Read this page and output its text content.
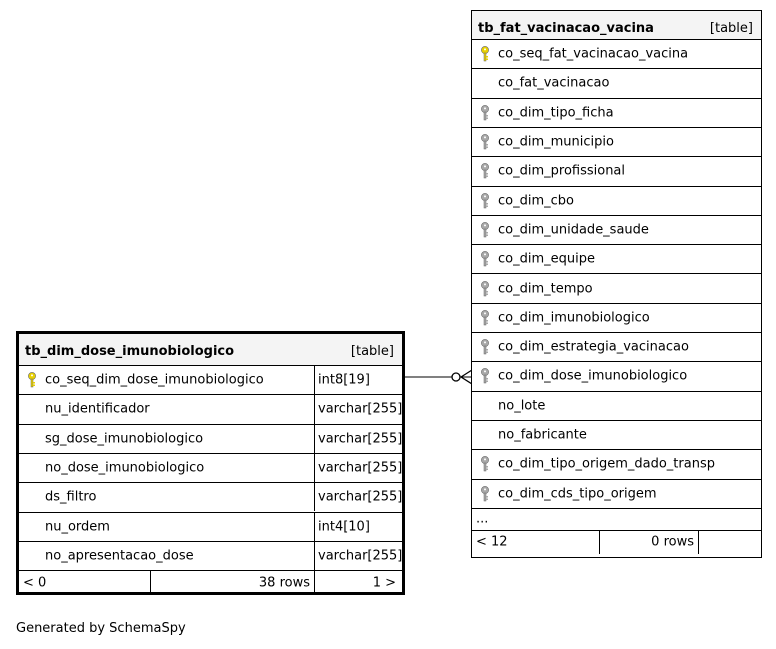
tb_dim_dose_imunobiologico	[table]
co_seq_dim_dose_imunobiologico	int8[19]
nu_identificador	varchar[255]
sg_dose_imunobiologico	varchar[255]
no_dose_imunobiologico	varchar[255]
ds_filtro	varchar[255]
nu_ordem	int4[10]
no_apresentacao_dose	varchar[255]
< 0	38 rows	1 >
tb_fat_vacinacao_vacina	[table]
co_seq_fat_vacinacao_vacina
co_fat_vacinacao
co_dim_tipo_ficha
co_dim_municipio
co_dim_profissional
co_dim_cbo
co_dim_unidade_saude
co_dim_equipe
co_dim_tempo
co_dim_imunobiologico
co_dim_estrategia_vacinacao
co_dim_dose_imunobiologico
no_lote
no_fabricante
co_dim_tipo_origem_dado_transp
co_dim_cds_tipo_origem
...
< 12	0 rows
Generated by SchemaSpy
